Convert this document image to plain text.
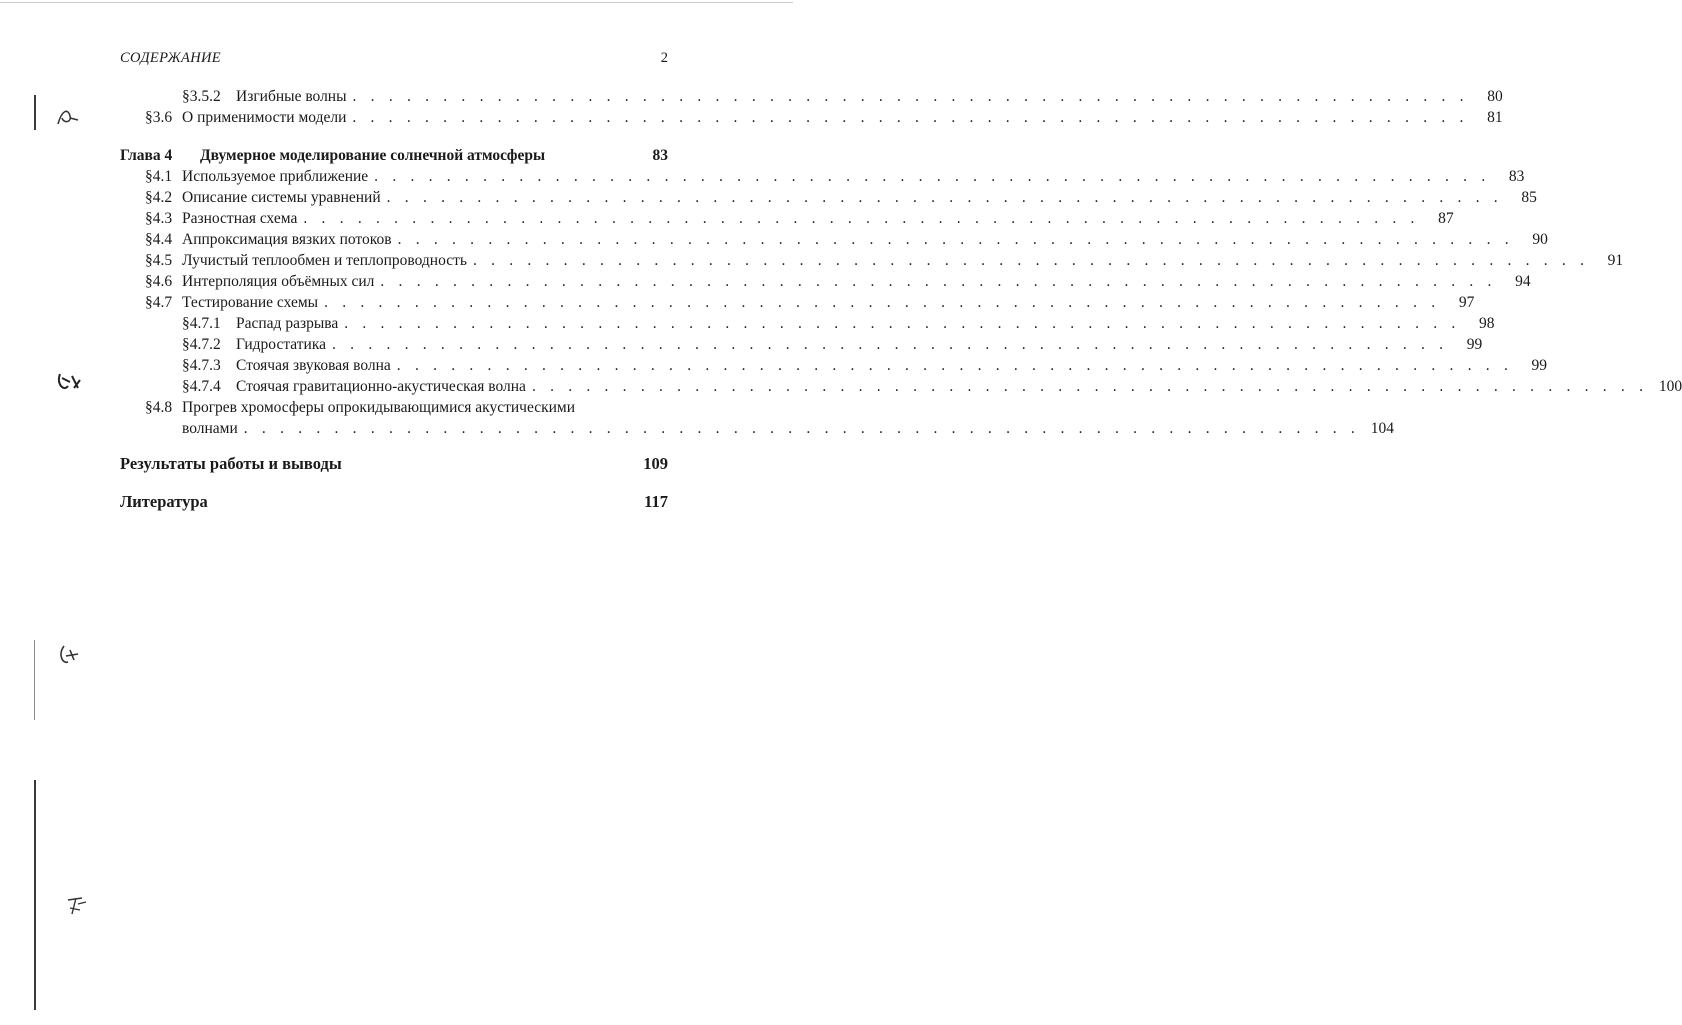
СОДЕРЖАНИЕ	2
§3.5.2 Изгибные волны . . . . . . . . . . . . . . . . . . . . . . . . . . . . . . . . . . . . . . . . . . . . . . . . . . . . . . . . . . . . . .	80
§3.6 О применимости модели . . . . . . . . . . . . . . . . . . . . . . . . . . . . . . . . . . . . . . . . . . . . . . . . . . . . . . . . . . . . . .	81
Глава 4	Двумерное моделирование солнечной атмосферы	83
§4.1 Используемое приближение . . . . . . . . . . . . . . . . . . . . . . . . . . . . . . . . . . . . . . . . . . . . . . . . . . . . . . . . . . . . . .	83
§4.2 Описание системы уравнений . . . . . . . . . . . . . . . . . . . . . . . . . . . . . . . . . . . . . . . . . . . . . . . . . . . . . . . . . . . . . .	85
§4.3 Разностная схема . . . . . . . . . . . . . . . . . . . . . . . . . . . . . . . . . . . . . . . . . . . . . . . . . . . . . . . . . . . . . .	87
§4.4 Аппроксимация вязких потоков . . . . . . . . . . . . . . . . . . . . . . . . . . . . . . . . . . . . . . . . . . . . . . . . . . . . . . . . . . . . . .	90
§4.5 Лучистый теплообмен и теплопроводность . . . . . . . . . . . . . . . . . . . . . . . . . . . . . . . . . . . . . . . . . . . . . . . . . . . . . . . . . . . . . .	91
§4.6 Интерполяция объёмных сил . . . . . . . . . . . . . . . . . . . . . . . . . . . . . . . . . . . . . . . . . . . . . . . . . . . . . . . . . . . . . .	94
§4.7 Тестирование схемы . . . . . . . . . . . . . . . . . . . . . . . . . . . . . . . . . . . . . . . . . . . . . . . . . . . . . . . . . . . . . .	97
§4.7.1 Распад разрыва . . . . . . . . . . . . . . . . . . . . . . . . . . . . . . . . . . . . . . . . . . . . . . . . . . . . . . . . . . . . . .	98
§4.7.2 Гидростатика . . . . . . . . . . . . . . . . . . . . . . . . . . . . . . . . . . . . . . . . . . . . . . . . . . . . . . . . . . . . . .	99
§4.7.3 Стоячая звуковая волна . . . . . . . . . . . . . . . . . . . . . . . . . . . . . . . . . . . . . . . . . . . . . . . . . . . . . . . . . . . . . .	99
§4.7.4 Стоячая гравитационно-акустическая волна . . . . . . . . . . . . . . . . . . . . . . . . . . . . . . . . . . . . . . . . . . . . . . . . . . . . . . . . . . . . . . 100
§4.8 Прогрев хромосферы опрокидывающимися акустическими
волнами . . . . . . . . . . . . . . . . . . . . . . . . . . . . . . . . . . . . . . . . . . . . . . . . . . . . . . . . . . . . . . 104
Результаты работы и выводы	109
Литература	117
